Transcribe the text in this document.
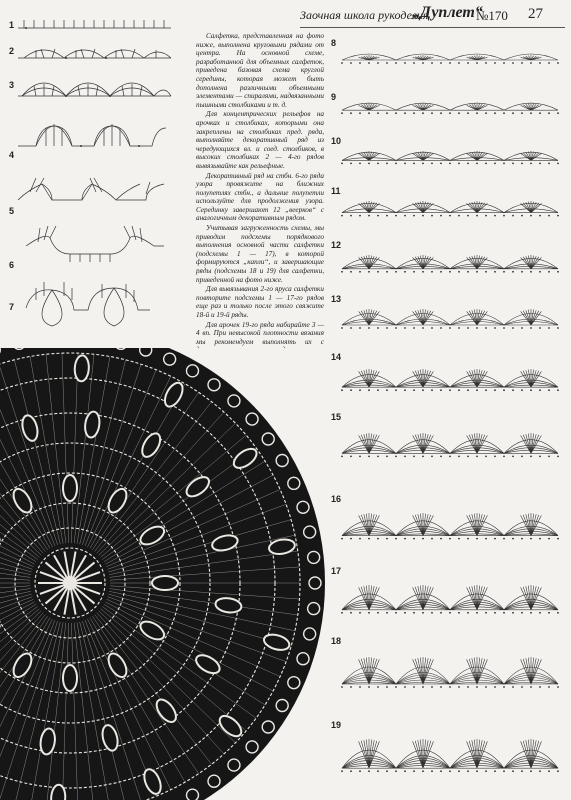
Заочная школа рукоделия
„Дуплет“
№170 27
1
2
3
4
5
6
7

Салфетка, представленная на фото ниже, выполнена круговыми рядами от центра. На основной схеме, разработанной для объемных салфеток, приведена базовая схема круглой середины, которая может быть дополнена различными объемными элементами — спиралями, надвязанными пышными столбиками и т. д.

Для концентрических рельефов на арочках и столбиках, которыми она закреплены на столбиках пред. ряда, выполняйте декоративный ряд из чередующихся вл. и соед. столбиков, в высоких столбиках 2 — 4-го рядов вывязывайте как рельефные.

Декоративный ряд на стбн. 6-го ряда узора провяжите на ближних полупетлях стбн., а дальние полупетли используйте для продолжения узора. Серединку завершают 12 „веерков“ с аналогичным декоративным рядом.

Учитывая загруженность схемы, мы приводим подсхемы порядкового выполнения основной части салфетки (подсхемы 1 — 17), в которой формируются „капли“, и завершающие ряды (подсхемы 18 и 19) для салфетки, приведенной на фото ниже.

Для вывязывания 2-го яруса салфетки повторите подсхемы 1 — 17-го рядов еще раз и только после этого свяжите 18-й и 19-й ряды.

Для арочек 19-го ряда набирайте 3 — 4 вп. При невысокой плотности вязания мы рекомендуем выполнять их с

8
9
10
11
12
13
14
15
16
17
18
19
